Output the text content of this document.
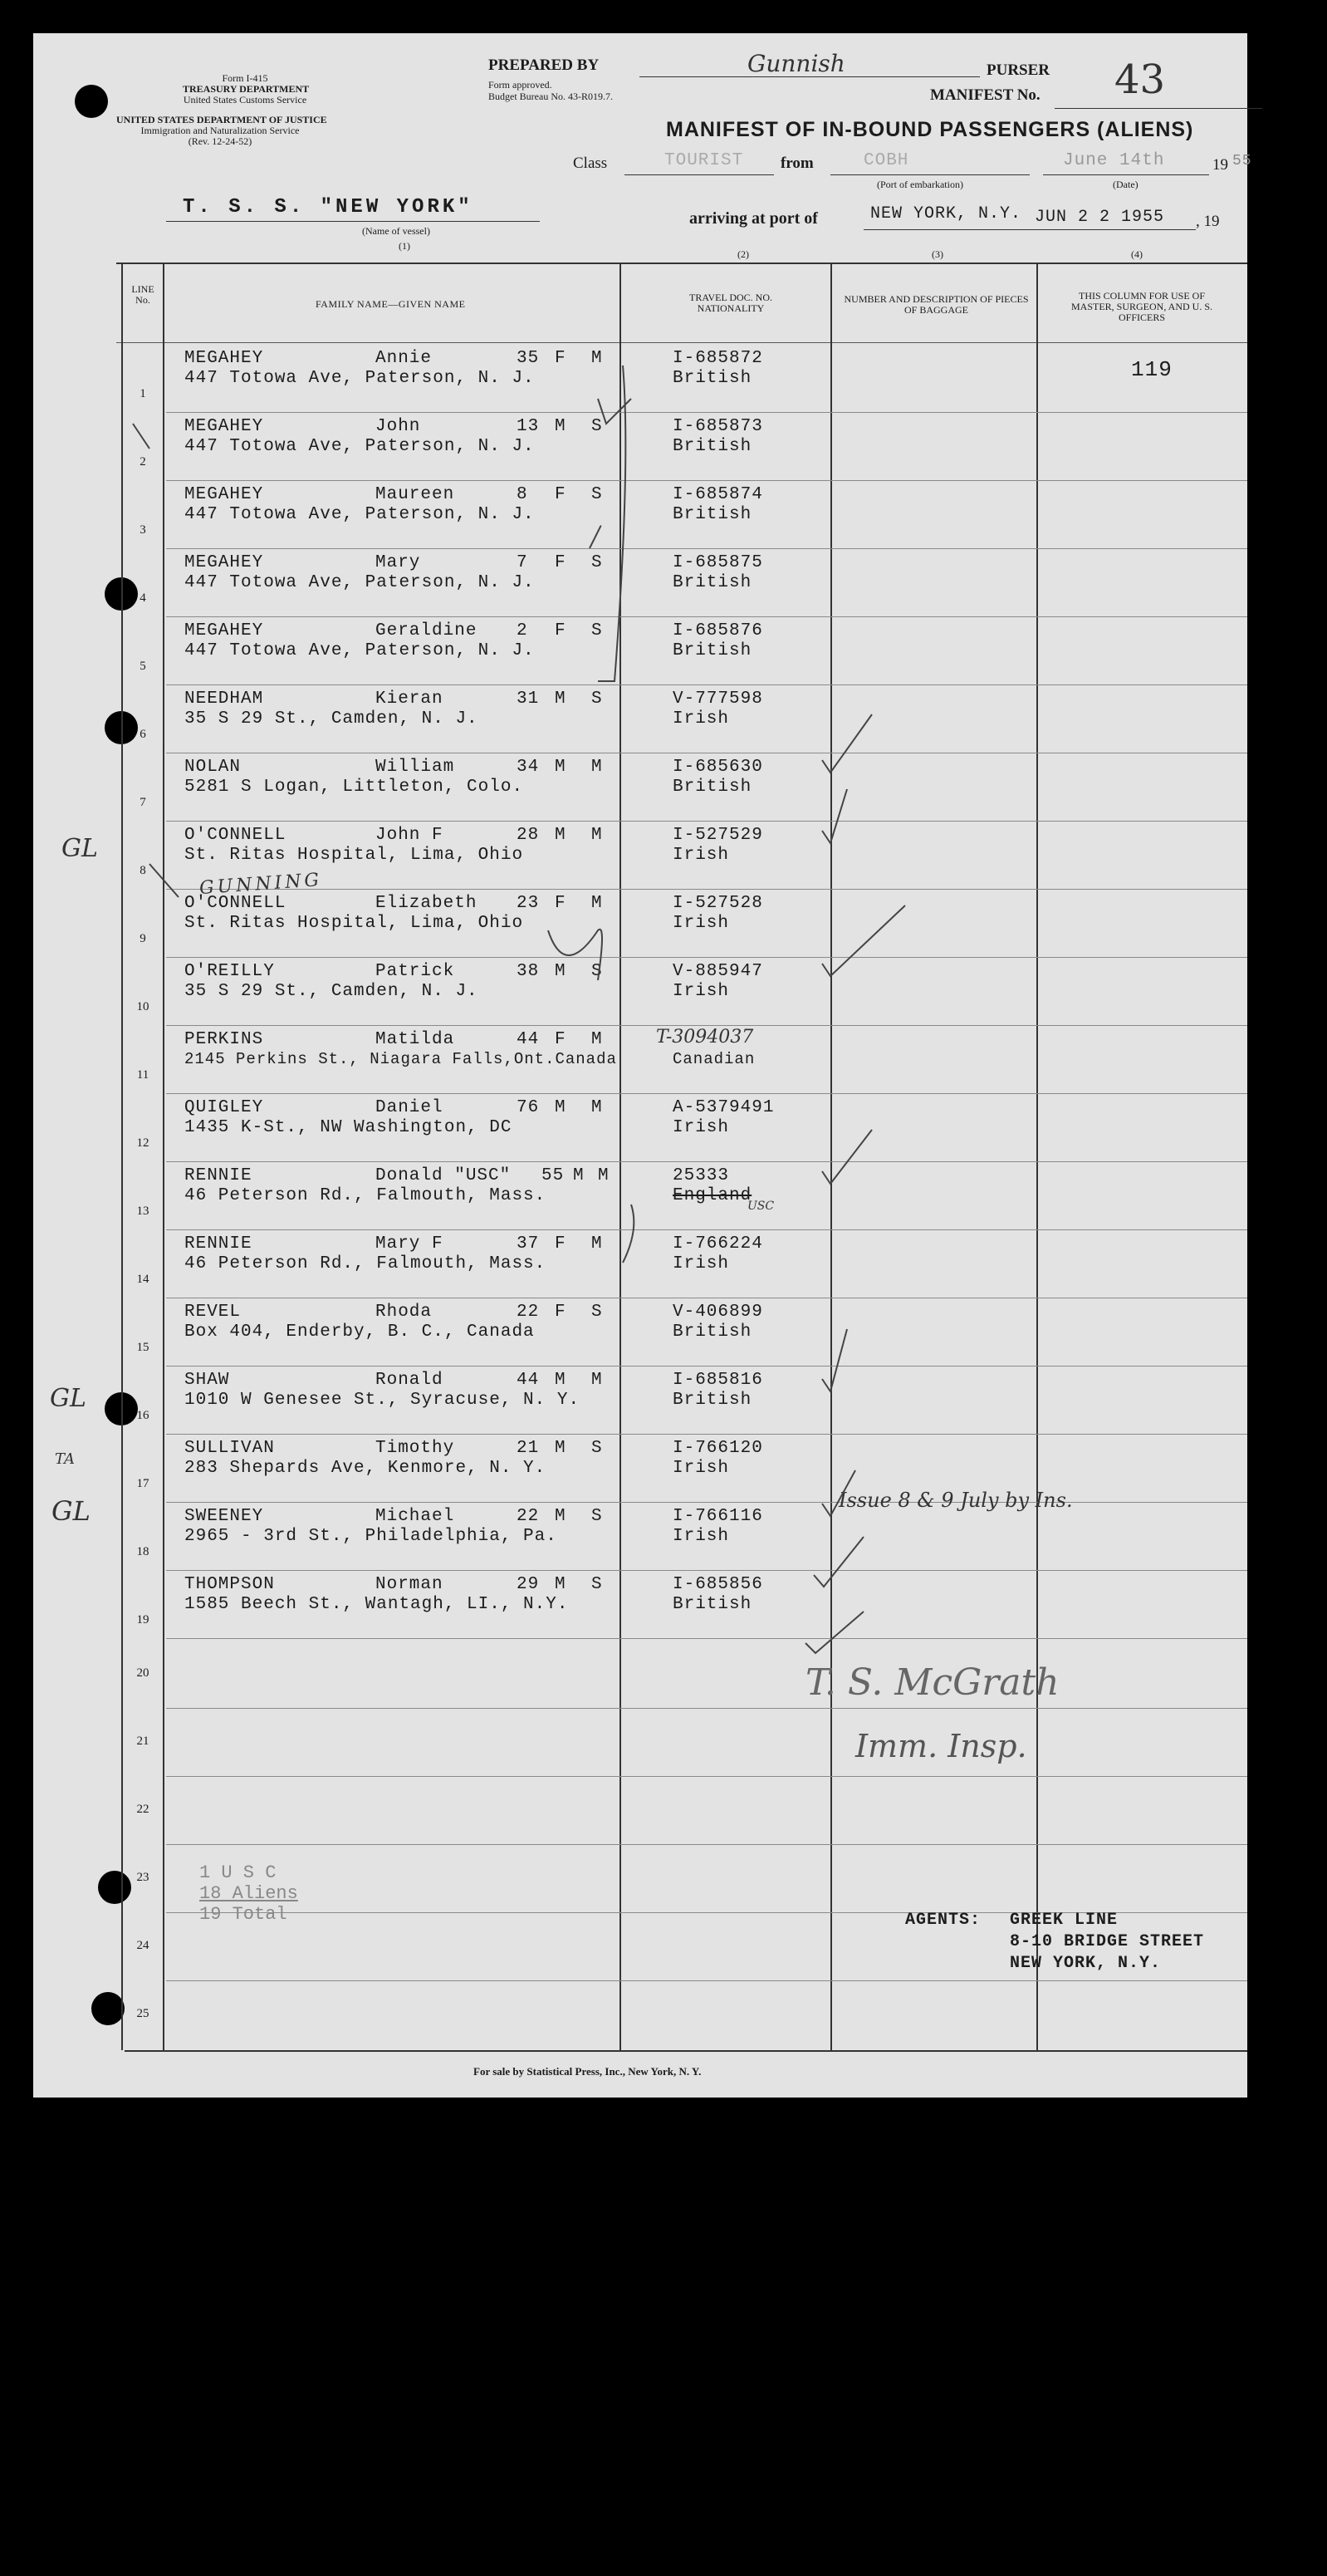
Form I-415
TREASURY DEPARTMENT
United States Customs Service
UNITED STATES DEPARTMENT OF JUSTICE
Immigration and Naturalization Service
(Rev. 12-24-52)
PREPARED BY	Gunnish	PURSER
Form approved.
Budget Bureau No. 43-R019.7.	MANIFEST No. 43
MANIFEST OF IN-BOUND PASSENGERS (ALIENS)
Class	TOURIST from	COBH
(Port of embarkation)
June 14th
(Date)
19 55
T. S. S. "NEW YORK"
(Name of vessel)
arriving at port of	NEW YORK, N.Y. JUN 2 2 1955 , 19
(1)
(2)	(3)	(4)
LINE No.	FAMILY NAME—GIVEN NAME
TRAVEL DOC. NO. NATIONALITY
NUMBER AND DESCRIPTION OF PIECES OF BAGGAGE
THIS COLUMN FOR USE OF MASTER, SURGEON, AND U. S. OFFICERS
119
1
MEGAHEY	Annie	35 F M
447 Totowa Ave, Paterson, N. J.
I-685872
British
2
MEGAHEY	John	13 M S
447 Totowa Ave, Paterson, N. J.
I-685873
British
3
MEGAHEY	Maureen	8 F S
447 Totowa Ave, Paterson, N. J.
I-685874
British
4
MEGAHEY	Mary	7 F S
447 Totowa Ave, Paterson, N. J.
I-685875
British
5
MEGAHEY	Geraldine 2 F S
447 Totowa Ave, Paterson, N. J.
I-685876
British
6
NEEDHAM	Kieran	31 M S
35 S 29 St., Camden, N. J.
V-777598
Irish
7
NOLAN	William	34 M M
5281 S Logan, Littleton, Colo.
I-685630
British
8
O'CONNELL	John F	28 M M
St. Ritas Hospital, Lima, Ohio
I-527529
Irish
9
O'CONNELL	Elizabeth 23 F M
St. Ritas Hospital, Lima, Ohio
I-527528
Irish
10
O'REILLY	Patrick	38 M S
35 S 29 St., Camden, N. J.
V-885947
Irish
11
PERKINS	Matilda	44 F M
2145 Perkins St., Niagara Falls,Ont.Canada
T-3094037
Canadian
12
QUIGLEY	Daniel	76 M M
1435 K-St., NW Washington, DC
A-5379491
Irish
13
RENNIE	Donald "USC" 55 M M
46 Peterson Rd., Falmouth, Mass.
25333
England
USC
14
RENNIE	Mary F	37 F M
46 Peterson Rd., Falmouth, Mass.
I-766224
Irish
15
REVEL	Rhoda	22 F S
Box 404, Enderby, B. C., Canada
V-406899
British
16
SHAW	Ronald	44 M M
1010 W Genesee St., Syracuse, N. Y.
I-685816
British
17
SULLIVAN	Timothy	21 M S
283 Shepards Ave, Kenmore, N. Y.
I-766120
Irish
18
SWEENEY	Michael	22 M S
2965 - 3rd St., Philadelphia, Pa.
I-766116
Irish
19
THOMPSON	Norman	29 M S
1585 Beech St., Wantagh, LI., N.Y.
I-685856
British
20
21
22
23
24
25
GUNNING
GL
GL
TA
GL	Issue 8 & 9 July by Ins.
T. S. McGrath
Imm. Insp.
1 U S C
18 Aliens
19 Total	AGENTS: GREEK LINE
8-10 BRIDGE STREET
NEW YORK, N.Y.
For sale by Statistical Press, Inc., New York, N. Y.
